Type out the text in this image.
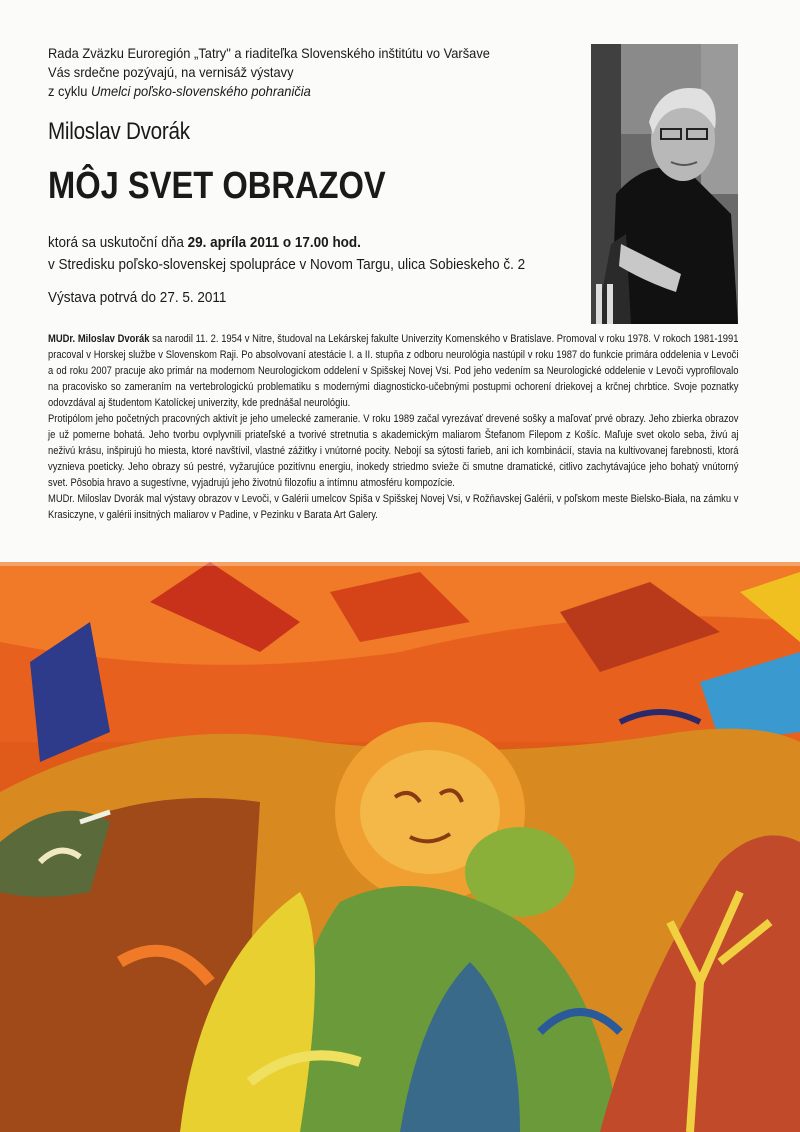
Rada Zväzku Euroregión „Tatry" a riaditeľka Slovenského inštitútu vo Varšave

Vás srdečne pozývajú, na vernisáž výstavy

z cyklu Umelci poľsko-slovenského pohraničia

Miloslav Dvorák
MÔJ SVET OBRAZOV
ktorá sa uskutoční dňa 29. apríla 2011 o 17.00 hod.
v Stredisku poľsko-slovenskej spolupráce v Novom Targu, ulica Sobieskeho č. 2
Výstava potrvá do 27. 5. 2011

MUDr. Miloslav Dvorák sa narodil 11. 2. 1954 v Nitre, študoval na Lekárskej fakulte Univerzity Komenského v Bratislave. Promoval v roku 1978. V rokoch 1981-1991 pracoval v Horskej službe v Slovenskom Raji. Po absolvovaní atestácie I. a II. stupňa z odboru neurológia nastúpil v roku 1987 do funkcie primára oddelenia v Levoči a od roku 2007 pracuje ako primár na modernom Neurologickom oddelení v Spišskej Novej Vsi. Pod jeho vedením sa Neurologické oddelenie v Levoči vyprofilovalo na pracovisko so zameraním na vertebrologickú problematiku s modernými diagnosticko-učebnými postupmi ochorení driekovej a krčnej chrbtice. Svoje poznatky odovzdával aj študentom Katolíckej univerzity, kde prednášal neurológiu.

Protipólom jeho početných pracovných aktivít je jeho umelecké zameranie. V roku 1989 začal vyrezávať drevené sošky a maľovať prvé obrazy. Jeho zbierka obrazov je už pomerne bohatá. Jeho tvorbu ovplyvnili priateľské a tvorivé stretnutia s akademickým maliarom Štefanom Filepom z Košíc. Maľuje svet okolo seba, živú aj neživú krásu, inšpirujú ho miesta, ktoré navštívil, vlastné zážitky i vnútorné pocity. Nebojí sa sýtosti farieb, ani ich kombinácií, stavia na kultivovanej farebnosti, ktorá vyznieva poeticky. Jeho obrazy sú pestré, vyžarujúce pozitívnu energiu, inokedy striedmo svieže či smutne dramatické, citlivo zachytávajúce jeho bohatý vnútorný svet. Pôsobia hravo a sugestívne, vyjadrujú jeho životnú filozofiu a intímnu atmosféru kompozície.

MUDr. Miloslav Dvorák mal výstavy obrazov v Levoči, v Galérii umelcov Spiša v Spišskej Novej Vsi, v Rožňavskej Galérii, v poľskom meste Bielsko-Biała, na zámku v Krasiczyne, v galérii insitných maliarov v Padine, v Pezinku v Barata Art Galery.
